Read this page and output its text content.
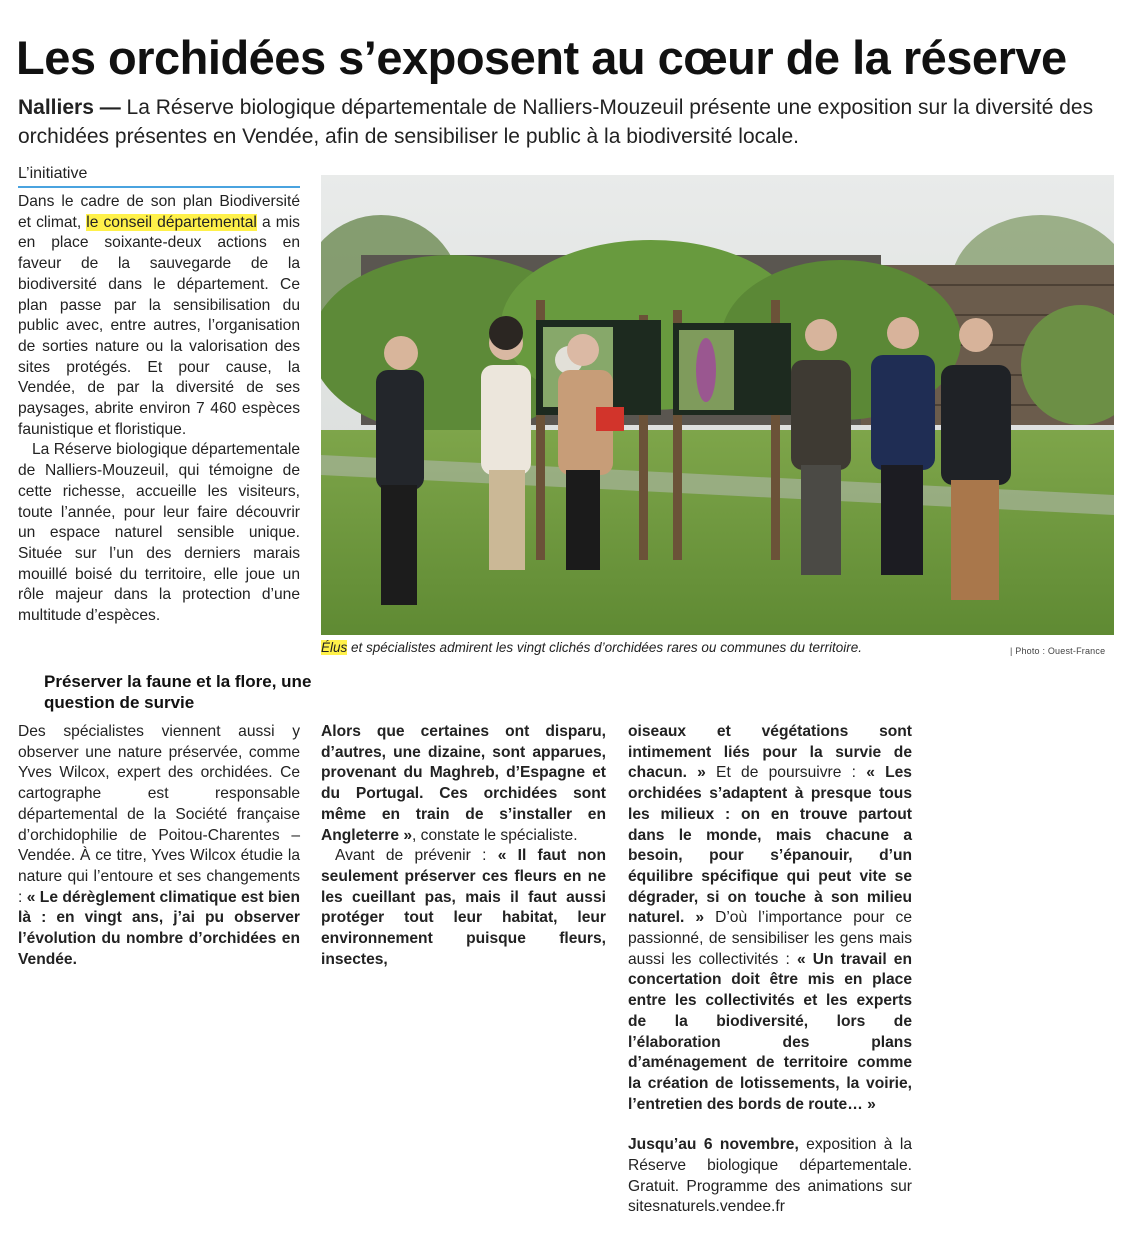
Les orchidées s’exposent au cœur de la réserve
Nalliers — La Réserve biologique départementale de Nalliers-Mouzeuil présente une exposition sur la diversité des orchidées présentes en Vendée, afin de sensibiliser le public à la biodiversité locale.
L’initiative

Dans le cadre de son plan Biodiversité et climat, le conseil départemental a mis en place soixante-deux actions en faveur de la sauvegarde de la biodiversité dans le département. Ce plan passe par la sensibilisation du public avec, entre autres, l’organisation de sorties nature ou la valorisation des sites protégés. Et pour cause, la Vendée, de par la diversité de ses paysages, abrite environ 7 460 espèces faunistique et floristique.

La Réserve biologique départementale de Nalliers-Mouzeuil, qui témoigne de cette richesse, accueille les visiteurs, toute l’année, pour leur faire découvrir un espace naturel sensible unique. Située sur l’un des derniers marais mouillé boisé du territoire, elle joue un rôle majeur dans la protection d’une multitude d’espèces.

Préserver la faune et la flore, une question de survie

Des spécialistes viennent aussi y observer une nature préservée, comme Yves Wilcox, expert des orchidées. Ce cartographe est responsable départemental de la Société française d’orchidophilie de Poitou-Charentes – Vendée. À ce titre, Yves Wilcox étudie la nature qui l’entoure et ses changements : « Le dérèglement climatique est bien là : en vingt ans, j’ai pu observer l’évolution du nombre d’orchidées en Vendée.

Alors que certaines ont disparu, d’autres, une dizaine, sont apparues, provenant du Maghreb, d’Espagne et du Portugal. Ces orchidées sont même en train de s’installer en Angleterre », constate le spécialiste.

Avant de prévenir : « Il faut non seulement préserver ces fleurs en ne les cueillant pas, mais il faut aussi protéger tout leur habitat, leur environnement puisque fleurs, insectes,

oiseaux et végétations sont intimement liés pour la survie de chacun. » Et de poursuivre : « Les orchidées s’adaptent à presque tous les milieux : on en trouve partout dans le monde, mais chacune a besoin, pour s’épanouir, d’un équilibre spécifique qui peut vite se dégrader, si on touche à son milieu naturel. » D’où l’importance pour ce passionné, de sensibiliser les gens mais aussi les collectivités : « Un travail en concertation doit être mis en place entre les collectivités et les experts de la biodiversité, lors de l’élaboration des plans d’aménagement de territoire comme la création de lotissements, la voirie, l’entretien des bords de route… »

Jusqu’au 6 novembre, exposition à la Réserve biologique départementale. Gratuit. Programme des animations sur sitesnaturels.vendee.fr

Élus et spécialistes admirent les vingt clichés d’orchidées rares ou communes du territoire.	| Photo : Ouest-France
